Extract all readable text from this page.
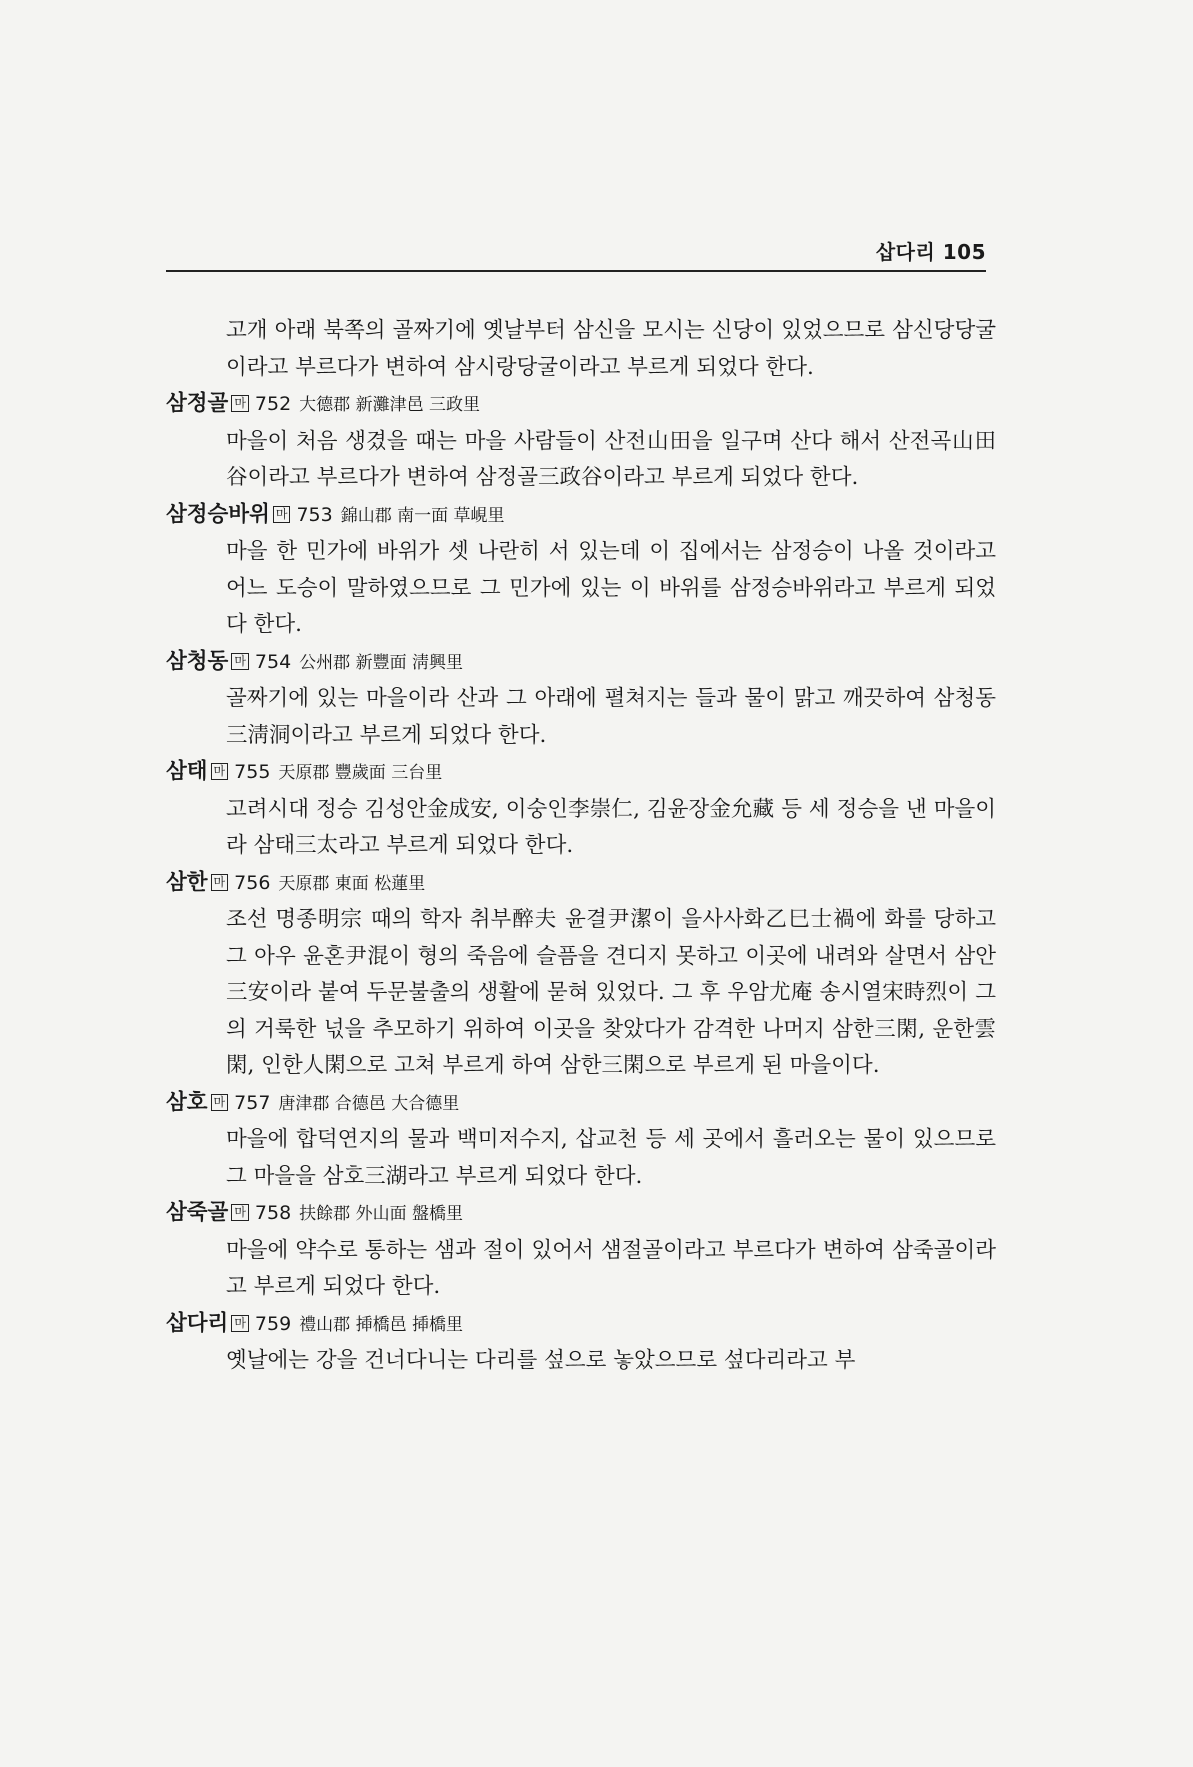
삽다리 105

고개 아래 북쪽의 골짜기에 옛날부터 삼신을 모시는 신당이 있었으므로 삼신당당굴이라고 부르다가 변하여 삼시랑당굴이라고 부르게 되었다 한다.

삼정골 마 752 大德郡 新灘津邑 三政里

마을이 처음 생겼을 때는 마을 사람들이 산전山田을 일구며 산다 해서 산전곡山田谷이라고 부르다가 변하여 삼정골三政谷이라고 부르게 되었다 한다.

삼정승바위 마 753 錦山郡 南一面 草峴里

마을 한 민가에 바위가 셋 나란히 서 있는데 이 집에서는 삼정승이 나올 것이라고 어느 도승이 말하였으므로 그 민가에 있는 이 바위를 삼정승바위라고 부르게 되었다 한다.

삼청동 마 754 公州郡 新豐面 淸興里

골짜기에 있는 마을이라 산과 그 아래에 펼쳐지는 들과 물이 맑고 깨끗하여 삼청동三淸洞이라고 부르게 되었다 한다.

삼태 마 755 天原郡 豐歲面 三台里

고려시대 정승 김성안金成安, 이숭인李崇仁, 김윤장金允藏 등 세 정승을 낸 마을이라 삼태三太라고 부르게 되었다 한다.

삼한 마 756 天原郡 東面 松蓮里

조선 명종明宗 때의 학자 취부醉夫 윤결尹潔이 을사사화乙巳士禍에 화를 당하고 그 아우 윤혼尹混이 형의 죽음에 슬픔을 견디지 못하고 이곳에 내려와 살면서 삼안三安이라 붙여 두문불출의 생활에 묻혀 있었다. 그 후 우암尤庵 송시열宋時烈이 그의 거룩한 넋을 추모하기 위하여 이곳을 찾았다가 감격한 나머지 삼한三閑, 운한雲閑, 인한人閑으로 고쳐 부르게 하여 삼한三閑으로 부르게 된 마을이다.

삼호 마 757 唐津郡 合德邑 大合德里

마을에 합덕연지의 물과 백미저수지, 삽교천 등 세 곳에서 흘러오는 물이 있으므로 그 마을을 삼호三湖라고 부르게 되었다 한다.

삼죽골 마 758 扶餘郡 外山面 盤橋里

마을에 약수로 통하는 샘과 절이 있어서 샘절골이라고 부르다가 변하여 삼죽골이라고 부르게 되었다 한다.

삽다리 마 759 禮山郡 揷橋邑 揷橋里

옛날에는 강을 건너다니는 다리를 섶으로 놓았으므로 섶다리라고 부
